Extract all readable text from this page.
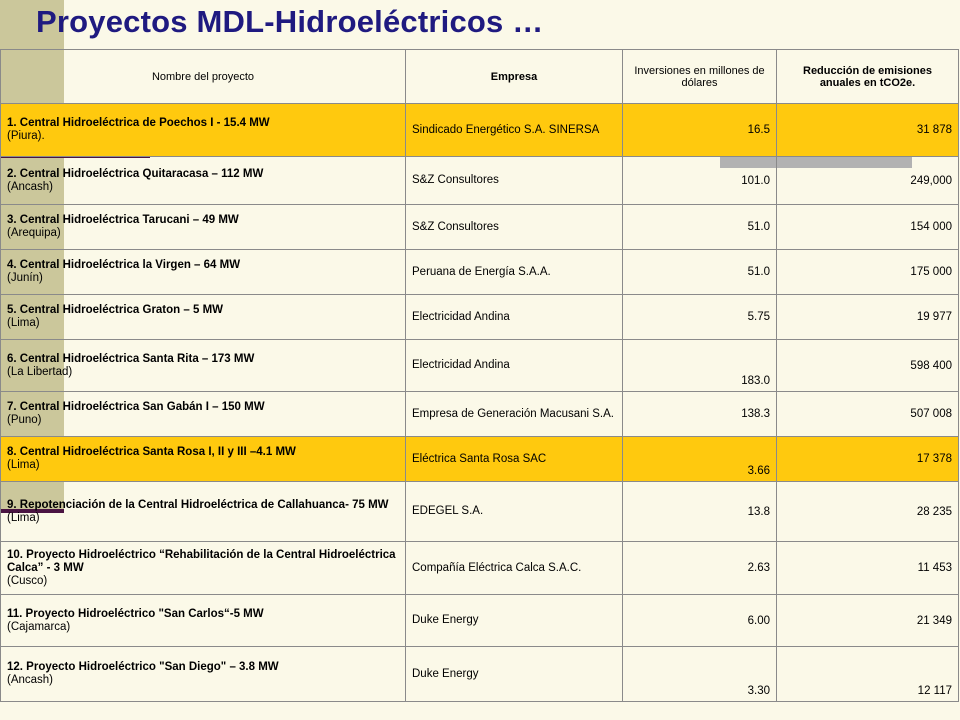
Proyectos MDL-Hidroeléctricos …
Nombre del proyecto	Empresa	Inversiones en millones de dólares	Reducción de emisiones anuales en tCO2e.

1. Central Hidroeléctrica de Poechos I - 15.4 MW
(Piura).	Sindicado Energético S.A. SINERSA	16.5	31 878

2. Central Hidroeléctrica Quitaracasa – 112 MW
(Ancash)	S&Z Consultores	101.0	249,000

3. Central Hidroeléctrica Tarucani – 49 MW
(Arequipa)	S&Z Consultores	51.0	154 000

4. Central Hidroeléctrica la Virgen – 64 MW
(Junín)	Peruana de Energía S.A.A.	51.0	175 000

5. Central Hidroeléctrica Graton – 5 MW
(Lima)	Electricidad Andina	5.75	19 977

6. Central Hidroeléctrica Santa Rita – 173 MW
(La Libertad)	Electricidad Andina	183.0	598 400

7. Central Hidroeléctrica San Gabán I – 150 MW
(Puno)	Empresa de Generación Macusani S.A.	138.3	507 008

8. Central Hidroeléctrica Santa Rosa I, II y III –4.1 MW
(Lima)	Eléctrica Santa Rosa SAC	3.66	17 378

9. Repotenciación de la Central Hidroeléctrica de Callahuanca- 75 MW
(Lima)	EDEGEL S.A.	13.8	28 235

10. Proyecto Hidroeléctrico “Rehabilitación de la Central Hidroeléctrica Calca” - 3 MW
(Cusco)	Compañía Eléctrica Calca S.A.C.	2.63	11 453

11. Proyecto Hidroeléctrico "San Carlos“-5 MW
(Cajamarca)	Duke Energy	6.00	21 349

12. Proyecto Hidroeléctrico "San Diego" – 3.8 MW
(Ancash)	Duke Energy	3.30	12 117
